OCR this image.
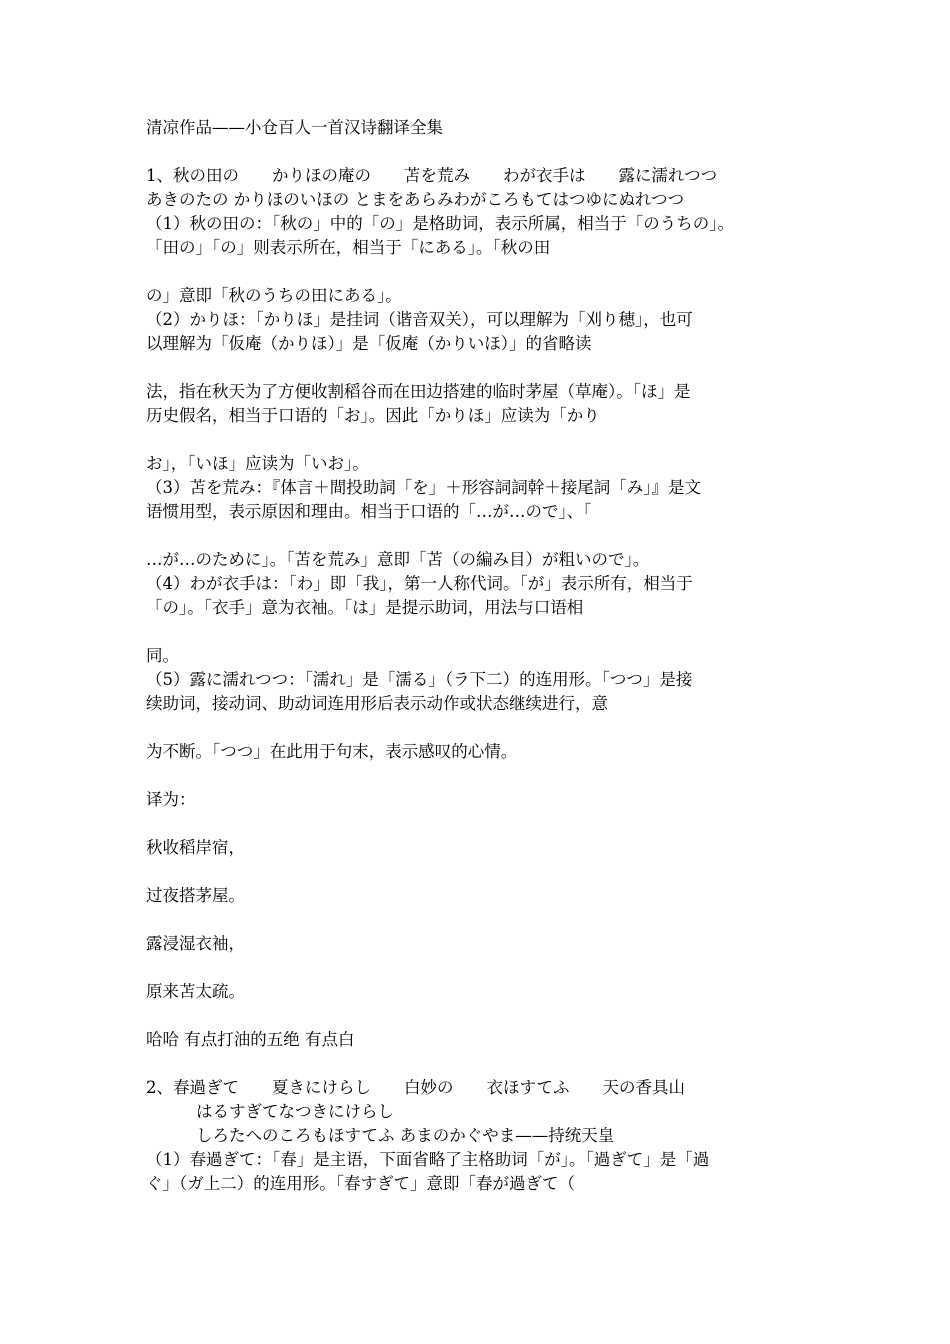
清凉作品——小仓百人一首汉诗翻译全集
1、秋の田の　　かりほの庵の　　苫を荒み　　わが衣手は　　露に濡れつつ
あきのたの かりほのいほの とまをあらみわがころもてはつゆにぬれつつ
（1）秋の田の：「秋の」中的「の」是格助词，表示所属，相当于「のうちの」。
「田の」「の」则表示所在，相当于「にある」。「秋の田
の」意即「秋のうちの田にある」。
（2）かりほ：「かりほ」是挂词（谐音双关），可以理解为「刈り穂」，也可
以理解为「仮庵（かりほ）」是「仮庵（かりいほ）」的省略读
法，指在秋天为了方便收割稻谷而在田边搭建的临时茅屋（草庵）。「ほ」是
历史假名，相当于口语的「お」。因此「かりほ」应读为「かり
お」，「いほ」应读为「いお」。
（3）苫を荒み：『体言＋間投助詞「を」＋形容詞詞幹＋接尾詞「み」』是文
语惯用型，表示原因和理由。相当于口语的「…が…ので」、「
…が…のために」。「苫を荒み」意即「苫（の編み目）が粗いので」。
（4）わが衣手は：「わ」即「我」，第一人称代词。「が」表示所有，相当于
「の」。「衣手」意为衣袖。「は」是提示助词，用法与口语相
同。
（5）露に濡れつつ：「濡れ」是「濡る」（ラ下二）的连用形。「つつ」是接
续助词，接动词、助动词连用形后表示动作或状态继续进行，意
为不断。「つつ」在此用于句末，表示感叹的心情。
译为：
秋收稻岸宿，
过夜搭茅屋。
露浸湿衣袖，
原来苫太疏。
哈哈 有点打油的五绝 有点白
2、春過ぎて　　夏きにけらし　　白妙の　　衣ほすてふ　　天の香具山
はるすぎてなつきにけらし
しろたへのころもほすてふ あまのかぐやま——持统天皇
（1）春過ぎて：「春」是主语，下面省略了主格助词「が」。「過ぎて」是「過
ぐ」（ガ上二）的连用形。「春すぎて」意即「春が過ぎて（
